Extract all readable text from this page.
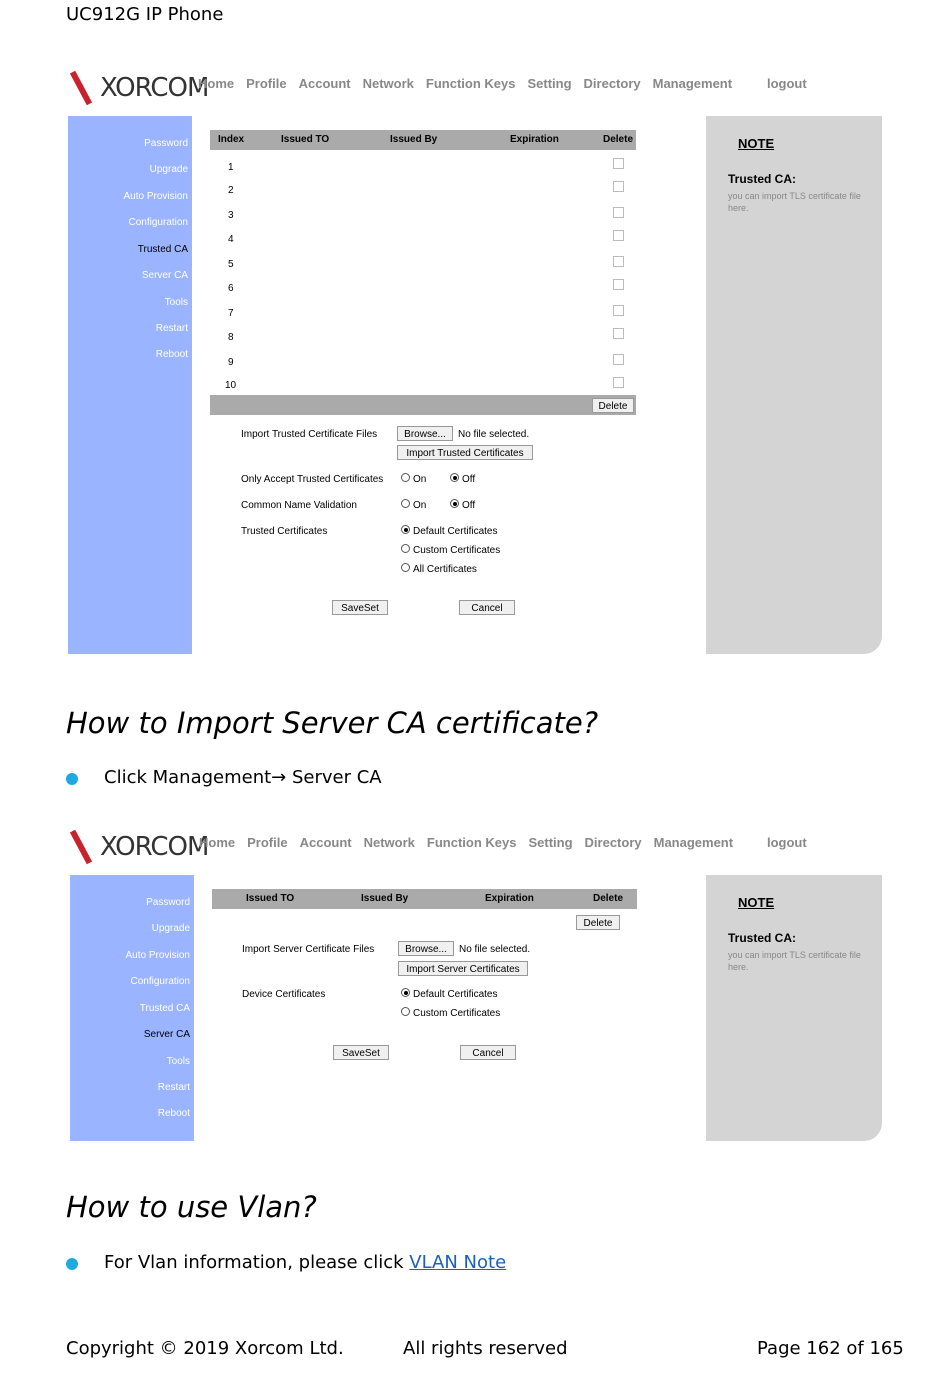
UC912G IP Phone
XORCOM
Home Profile Account Network Function Keys Setting Directory Management	logout
Password
Upgrade
Auto Provision
Configuration
Trusted CA
Server CA
Tools
Restart
Reboot
Index	Issued TO	Issued By	Expiration	Delete
1
2
3
4
5
6
7
8
9
10
Delete
Import Trusted Certificate Files	Browse...	No file selected.
Import Trusted Certificates
Only Accept Trusted Certificates	On	Off
Common Name Validation	On	Off
Trusted Certificates	Default Certificates
Custom Certificates
All Certificates
SaveSet	Cancel
NOTE
Trusted CA:
you can import TLS certificate file here.
How to Import Server CA certificate?
Click Management→ Server CA
XORCOM
Home Profile Account Network Function Keys Setting Directory Management	logout
Password
Upgrade
Auto Provision
Configuration
Trusted CA
Server CA
Tools
Restart
Reboot
Issued TO	Issued By	Expiration	Delete
Delete
Import Server Certificate Files	Browse...	No file selected.
Import Server Certificates
Device Certificates	Default Certificates
Custom Certificates
SaveSet	Cancel
NOTE
Trusted CA:
you can import TLS certificate file here.
How to use Vlan?
For Vlan information, please click VLAN Note
Copyright © 2019 Xorcom Ltd.	All rights reserved	Page 162 of 165
